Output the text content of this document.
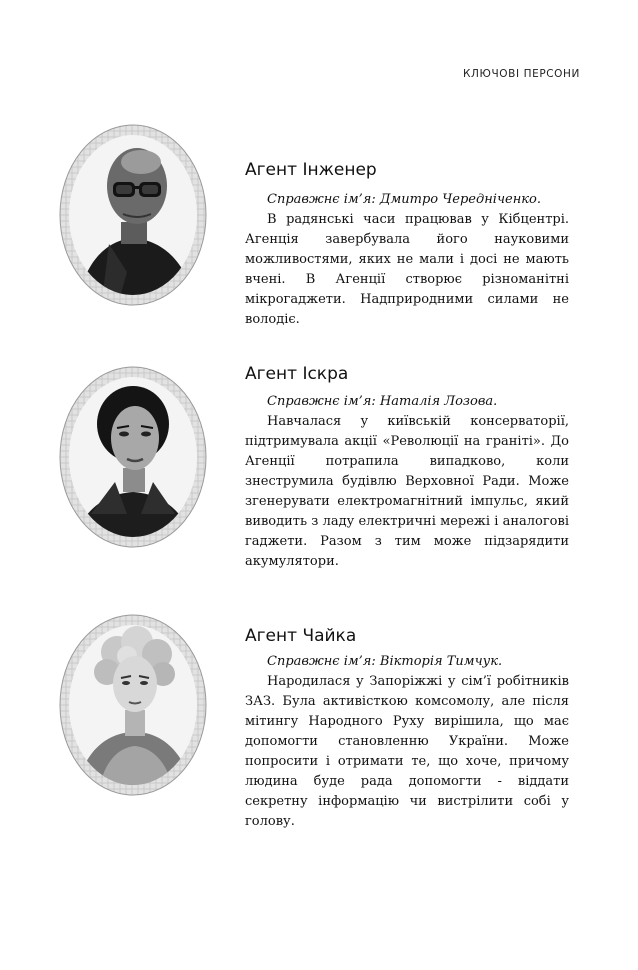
КЛЮЧОВІ ПЕРСОНИ
Агент Інженер

Справжнє ім’я: Дмитро Чередніченко.

В радянські часи працював у Кібцентрі. Агенція завербувала його науковими можливостями, яких не мали і досі не мають вчені. В Агенції створює різноманітні мікрогаджети. Надприродними силами не володіє.

Агент Іскра

Справжнє ім’я: Наталія Лозова.

Навчалася у київській консерваторії, підтримувала акції «Революції на граніті». До Агенції потрапила випадково, коли знеструмила будівлю Верховної Ради. Може згенерувати електромагнітний імпульс, який виводить з ладу електричні мережі і аналогові гаджети. Разом з тим може підзарядити акумулятори.

Агент Чайка

Справжнє ім’я: Вікторія Тимчук.

Народилася у Запоріжжі у сім’ї робітників ЗАЗ. Була активісткою комсомолу, але після мітингу Народного Руху вирішила, що має допомогти становленню України. Може попросити і отримати те, що хоче, причому людина буде рада допомогти - віддати секретну інформацію чи вистрілити собі у голову.
